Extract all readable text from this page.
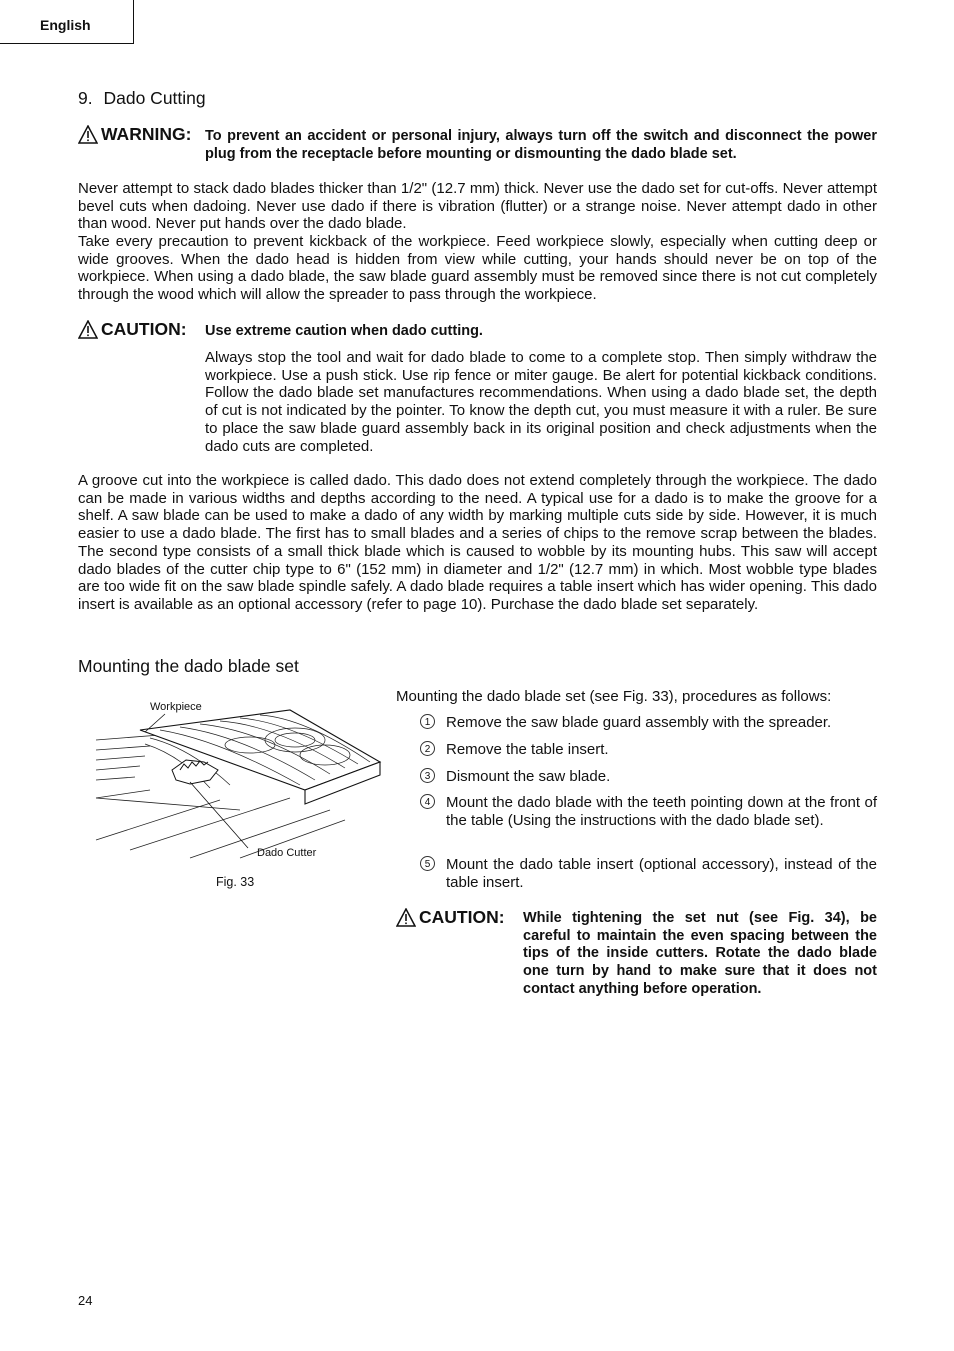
English
9. Dado Cutting
WARNING: To prevent an accident or personal injury, always turn off the switch and disconnect the power plug from the receptacle before mounting or dismounting the dado blade set.
Never attempt to stack dado blades thicker than 1/2" (12.7 mm) thick. Never use the dado set for cut-offs. Never attempt bevel cuts when dadoing. Never use dado if there is vibration (flutter) or a strange noise. Never attempt dado in other than wood. Never put hands over the dado blade.
Take every precaution to prevent kickback of the workpiece. Feed workpiece slowly, especially when cutting deep or wide grooves. When the dado head is hidden from view while cutting, your hands should never be on top of the workpiece. When using a dado blade, the saw blade guard assembly must be removed since there is not cut completely through the wood which will allow the spreader to pass through the workpiece.
CAUTION: Use extreme caution when dado cutting.
Always stop the tool and wait for dado blade to come to a complete stop. Then simply withdraw the workpiece. Use a push stick. Use rip fence or miter gauge. Be alert for potential kickback conditions. Follow the dado blade set manufactures recommendations. When using a dado blade set, the depth of cut is not indicated by the pointer. To know the depth cut, you must measure it with a ruler. Be sure to place the saw blade guard assembly back in its original position and check adjustments when the dado cuts are completed.
A groove cut into the workpiece is called dado. This dado does not extend completely through the workpiece. The dado can be made in various widths and depths according to the need. A typical use for a dado is to make the groove for a shelf. A saw blade can be used to make a dado of any width by marking multiple cuts side by side. However, it is much easier to use a dado blade. The first has to small blades and a series of chips to the remove scrap between the blades. The second type consists of a small thick blade which is caused to wobble by its mounting hubs. This saw will accept dado blades of the cutter chip type to 6" (152 mm) in diameter and 1/2" (12.7 mm) in which. Most wobble type blades are too wide fit on the saw blade spindle safely. A dado blade requires a table insert which has wider opening. This dado insert is available as an optional accessory (refer to page 10). Purchase the dado blade set separately.
Mounting the dado blade set
Workpiece
Dado Cutter
Fig. 33
Mounting the dado blade set (see Fig. 33), procedures as follows:
1	Remove the saw blade guard assembly with the spreader.
2	Remove the table insert.
3	Dismount the saw blade.
4	Mount the dado blade with the teeth pointing down at the front of the table (Using the instructions with the dado blade set).
5	Mount the dado table insert (optional accessory), instead of the table insert.
CAUTION: While tightening the set nut (see Fig. 34), be careful to maintain the even spacing between the tips of the inside cutters. Rotate the dado blade one turn by hand to make sure that it does not contact anything before operation.
24
